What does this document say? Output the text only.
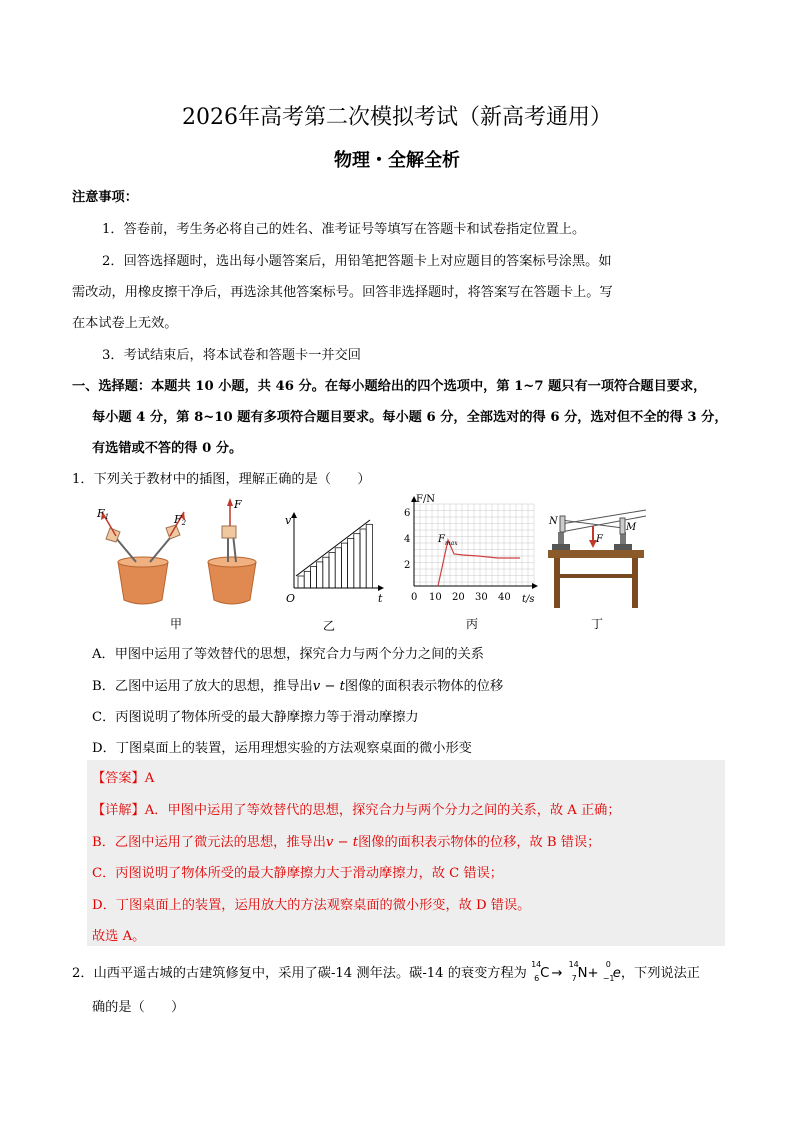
2026年高考第二次模拟考试（新高考通用）
物理・全解全析
注意事项：
1．答卷前，考生务必将自己的姓名、准考证号等填写在答题卡和试卷指定位置上。
2．回答选择题时，选出每小题答案后，用铅笔把答题卡上对应题目的答案标号涂黑。如
需改动，用橡皮擦干净后，再选涂其他答案标号。回答非选择题时，将答案写在答题卡上。写
在本试卷上无效。
3．考试结束后，将本试卷和答题卡一并交回
一、选择题：本题共 10 小题，共 46 分。在每小题给出的四个选项中，第 1~7 题只有一项符合题目要求，
每小题 4 分，第 8~10 题有多项符合题目要求。每小题 6 分，全部选对的得 6 分，选对但不全的得 3 分，
有选错或不答的得 0 分。
1．下列关于教材中的插图，理解正确的是（　　）
F1	F2
F
甲
v
t
O
乙
F/N
t/s
6
4
2
0 10 20 30 40
$F_{max}$
丙
F
N
M
丁
A．甲图中运用了等效替代的思想，探究合力与两个分力之间的关系
B．乙图中运用了放大的思想，推导出v − t图像的面积表示物体的位移
C．丙图说明了物体所受的最大静摩擦力等于滑动摩擦力
D．丁图桌面上的装置，运用理想实验的方法观察桌面的微小形变
【答案】A
【详解】A．甲图中运用了等效替代的思想，探究合力与两个分力之间的关系，故 A 正确；
B．乙图中运用了微元法的思想，推导出v − t图像的面积表示物体的位移，故 B 错误；
C．丙图说明了物体所受的最大静摩擦力大于滑动摩擦力，故 C 错误；
D．丁图桌面上的装置，运用放大的方法观察桌面的微小形变，故 D 错误。
故选 A。
2．山西平遥古城的古建筑修复中，采用了碳-14 测年法。碳-14 的衰变方程为
14
6 C →
14
7 N+
0
−1
e，下列说法正
确的是（　　）
